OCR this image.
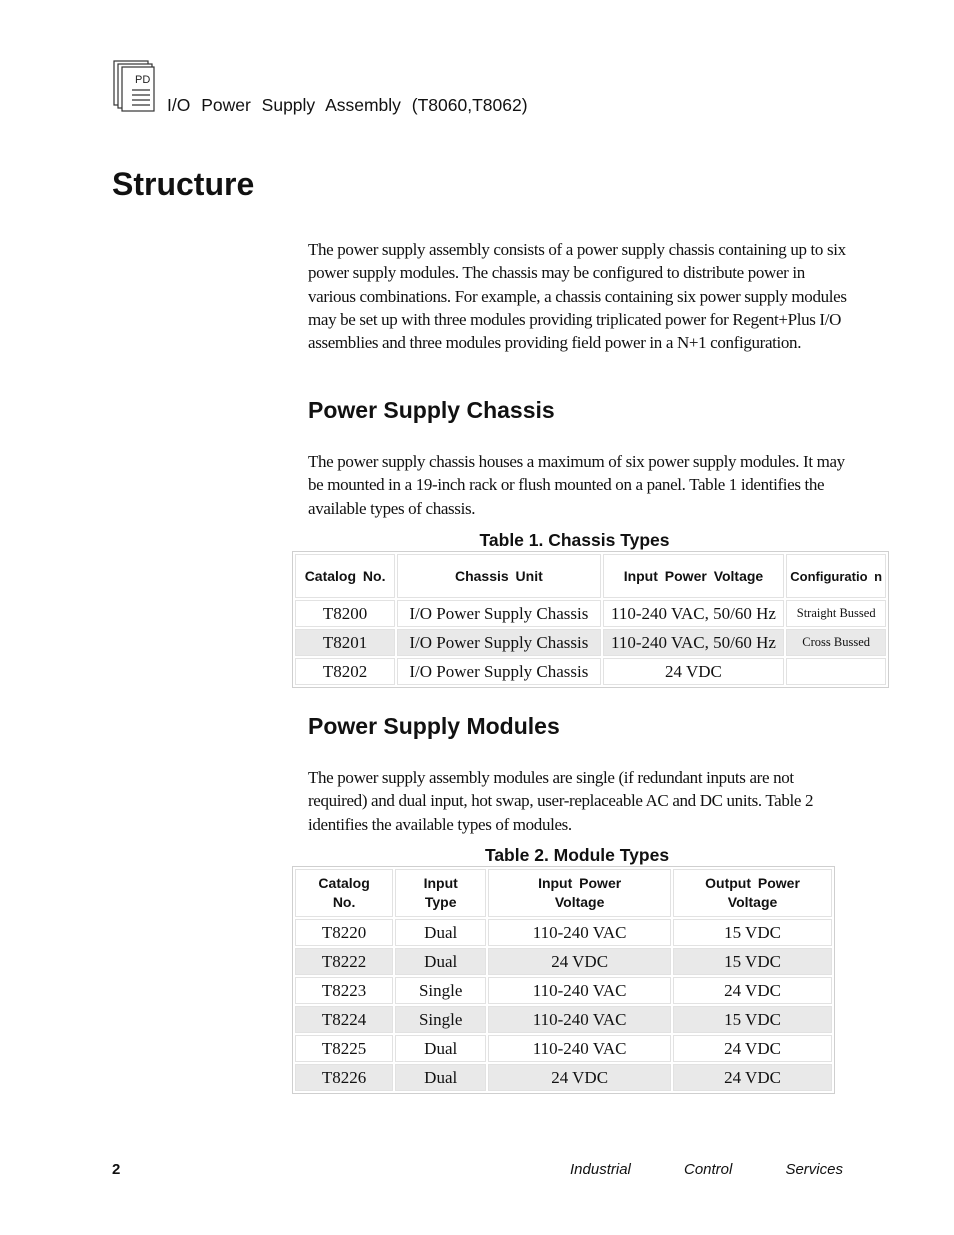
PD
I/O Power Supply Assembly (T8060,T8062)
Structure

The power supply assembly consists of a power supply chassis containing up to six power supply modules. The chassis may be configured to distribute power in various combinations. For example, a chassis containing six power supply modules may be set up with three modules providing triplicated power for Regent+Plus I/O assemblies and three modules providing field power in a N+1 configuration.

Power Supply Chassis

The power supply chassis houses a maximum of six power supply modules. It may be mounted in a 19-inch rack or flush mounted on a panel. Table 1 identifies the available types of chassis.

Table 1. Chassis Types
Catalog No.	Chassis Unit	Input Power Voltage	Configuratio n
T8200	I/O Power Supply Chassis	110-240 VAC, 50/60 Hz	Straight Bussed
T8201	I/O Power Supply Chassis	110-240 VAC, 50/60 Hz	Cross Bussed
T8202	I/O Power Supply Chassis	24 VDC	
Power Supply Modules

The power supply assembly modules are single (if redundant inputs are not required) and dual input, hot swap, user-replaceable AC and DC units. Table 2 identifies the available types of modules.

Table 2. Module Types
Catalog No.	Input Type	Input Power Voltage	Output Power Voltage
T8220	Dual	110-240 VAC	15 VDC
T8222	Dual	24 VDC	15 VDC
T8223	Single	110-240 VAC	24 VDC
T8224	Single	110-240 VAC	15 VDC
T8225	Dual	110-240 VAC	24 VDC
T8226	Dual	24 VDC	24 VDC
2	Industrial	Control	Services
